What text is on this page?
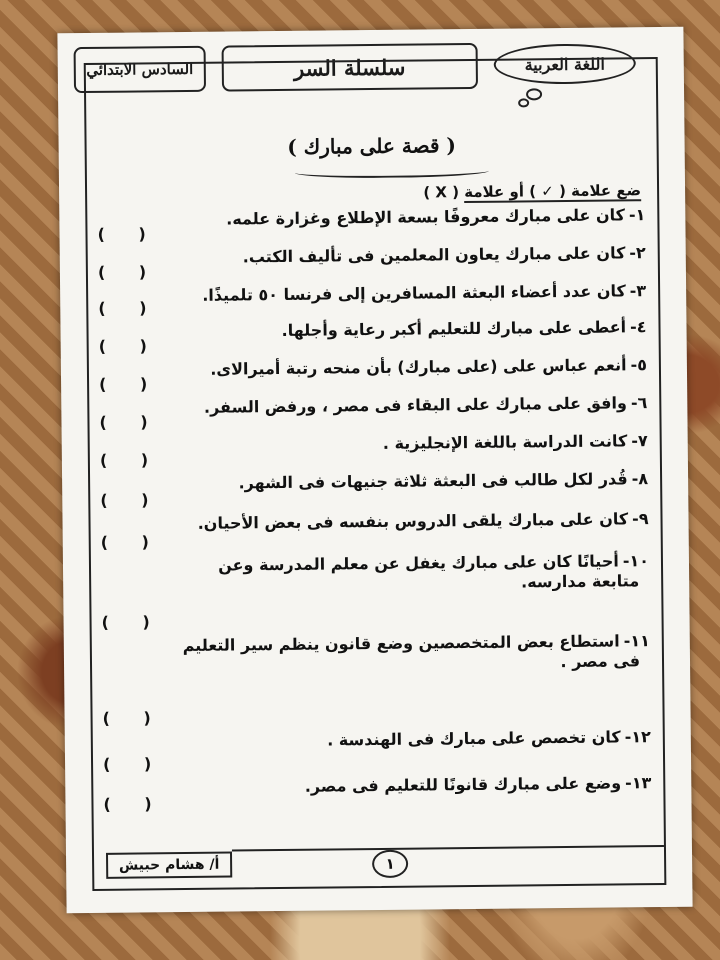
السادس الابتدائي	سلسلة السر	اللغة العربية
( قصة على مبارك )
ضع علامة ( ✓ ) أو علامة ( X )
١-كان على مبارك معروفًا بسعة الإطلاع وغزارة علمه.
( )
٢-كان على مبارك يعاون المعلمين فى تأليف الكتب.
( )
٣-كان عدد أعضاء البعثة المسافرين إلى فرنسا ٥٠ تلميذًا.
( )
٤-أعطى على مبارك للتعليم أكبر رعاية وأجلها.
( )
٥-أنعم عباس على (على مبارك) بأن منحه رتبة أميرالاى.
( )
٦-وافق على مبارك على البقاء فى مصر ، ورفض السفر.
( )
٧-كانت الدراسة باللغة الإنجليزية .
( )
٨-قُدر لكل طالب فى البعثة ثلاثة جنيهات فى الشهر.
( )
٩-كان على مبارك يلقى الدروس بنفسه فى بعض الأحيان.
( )
١٠-أحيانًا كان على مبارك يغفل عن معلم المدرسة وعن
متابعة مدارسه.
( )
١١-استطاع بعض المتخصصين وضع قانون ينظم سير التعليم
فى مصر .
( )
١٢-كان تخصص على مبارك فى الهندسة .
( )
١٣-وضع على مبارك قانونًا للتعليم فى مصر.
( )
أ/ هشام حبيش	١
